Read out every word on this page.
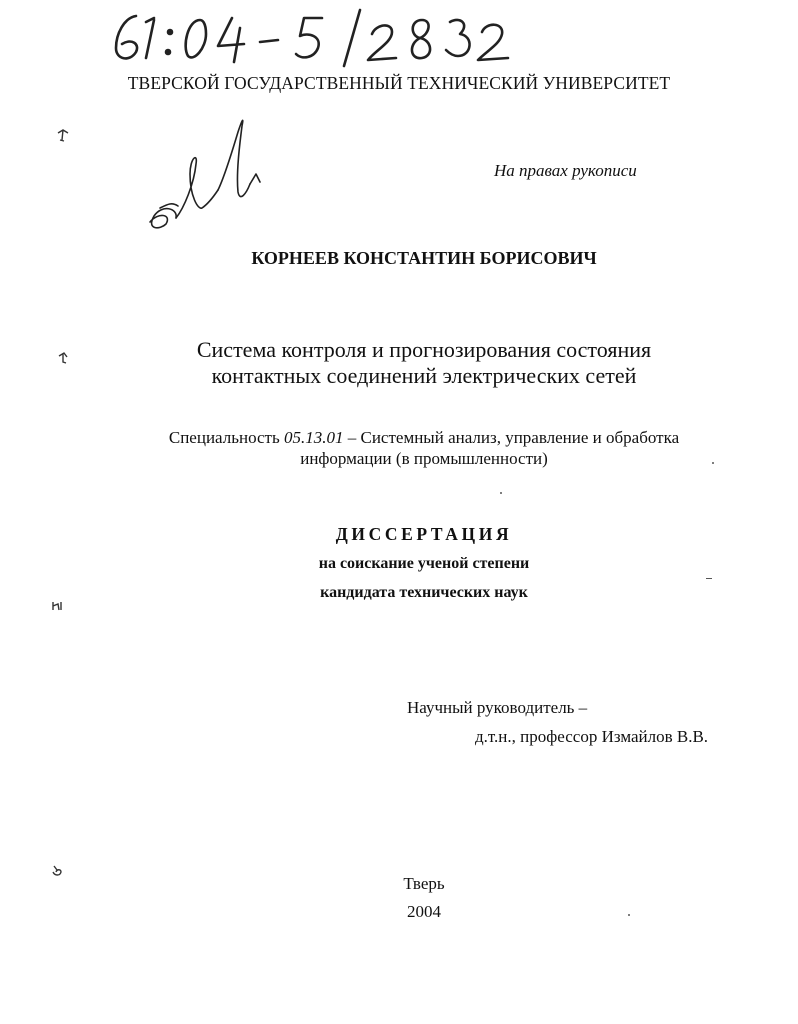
ТВЕРСКОЙ ГОСУДАРСТВЕННЫЙ ТЕХНИЧЕСКИЙ УНИВЕРСИТЕТ
На правах рукописи
КОРНЕЕВ КОНСТАНТИН БОРИСОВИЧ
Система контроля и прогнозирования состояния
контактных соединений электрических сетей
Специальность 05.13.01 – Системный анализ, управление и обработка
информации (в промышленности)
ДИССЕРТАЦИЯ
на соискание ученой степени
кандидата технических наук
Научный руководитель –
д.т.н., профессор Измайлов В.В.
Тверь
2004
